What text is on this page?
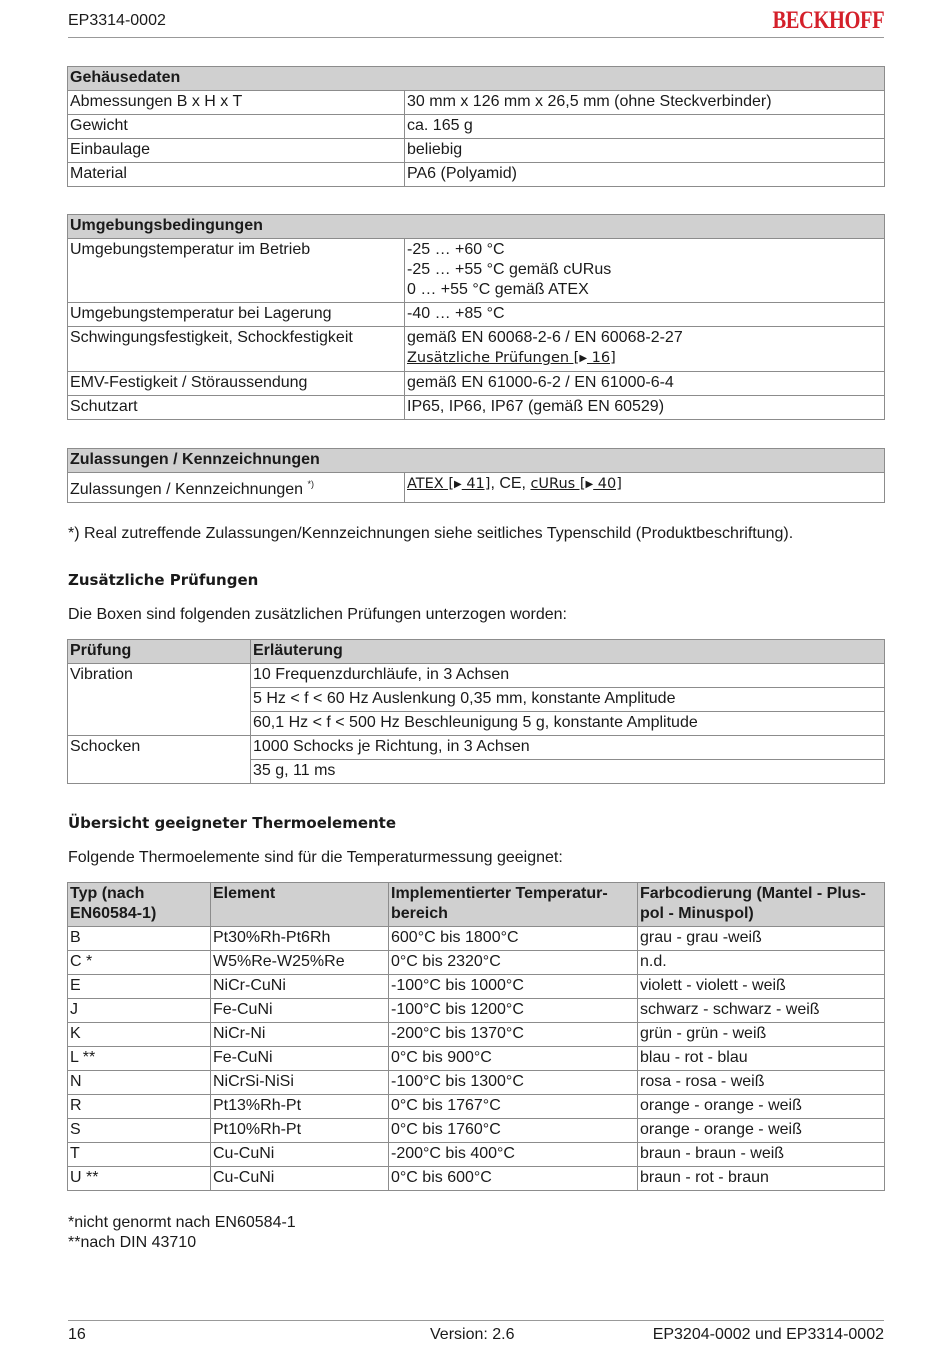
EP3314-0002	BECKHOFF
Gehäusedaten	
Abmessungen B x H x T	30 mm x 126 mm x 26,5 mm (ohne Steckverbinder)
Gewicht	ca. 165 g
Einbaulage	beliebig
Material	PA6 (Polyamid)
Umgebungsbedingungen	
Umgebungstemperatur im Betrieb	-25 … +60 °C
-25 … +55 °C gemäß cURus
0 … +55 °C gemäß ATEX

Umgebungstemperatur bei Lagerung	-40 … +85 °C
Schwingungsfestigkeit, Schockfestigkeit	gemäß EN 60068-2-6 / EN 60068-2-27
Zusätzliche Prüfungen [▶ 16]

EMV-Festigkeit / Störaussendung	gemäß EN 61000-6-2 / EN 61000-6-4
Schutzart	IP65, IP66, IP67 (gemäß EN 60529)
Zulassungen / Kennzeichnungen
Zulassungen / Kennzeichnungen *)	ATEX [▶ 41], CE, cURus [▶ 40]
*) Real zutreffende Zulassungen/Kennzeichnungen siehe seitliches Typenschild (Produktbeschriftung).
Zusätzliche Prüfungen
Die Boxen sind folgenden zusätzlichen Prüfungen unterzogen worden:
Prüfung	Erläuterung
Vibration	10 Frequenzdurchläufe, in 3 Achsen
	5 Hz < f < 60 Hz Auslenkung 0,35 mm, konstante Amplitude
	60,1 Hz < f < 500 Hz Beschleunigung 5 g, konstante Amplitude
Schocken	1000 Schocks je Richtung, in 3 Achsen
	35 g, 11 ms
Übersicht geeigneter Thermoelemente
Folgende Thermoelemente sind für die Temperaturmessung geeignet:
Typ (nach EN60584-1)	Element	Implementierter Temperatur-bereich	Farbcodierung (Mantel - Plus-pol - Minuspol)
B	Pt30%Rh-Pt6Rh	600°C bis 1800°C	grau - grau -weiß
C *	W5%Re-W25%Re	0°C bis 2320°C	n.d.
E	NiCr-CuNi	-100°C bis 1000°C	violett - violett - weiß
J	Fe-CuNi	-100°C bis 1200°C	schwarz - schwarz - weiß
K	NiCr-Ni	-200°C bis 1370°C	grün - grün - weiß
L **	Fe-CuNi	0°C bis 900°C	blau - rot - blau
N	NiCrSi-NiSi	-100°C bis 1300°C	rosa - rosa - weiß
R	Pt13%Rh-Pt	0°C bis 1767°C	orange - orange - weiß
S	Pt10%Rh-Pt	0°C bis 1760°C	orange - orange - weiß
T	Cu-CuNi	-200°C bis 400°C	braun - braun - weiß
U **	Cu-CuNi	0°C bis 600°C	braun - rot - braun
*nicht genormt nach EN60584-1
**nach DIN 43710
16	Version: 2.6	EP3204-0002 und EP3314-0002
